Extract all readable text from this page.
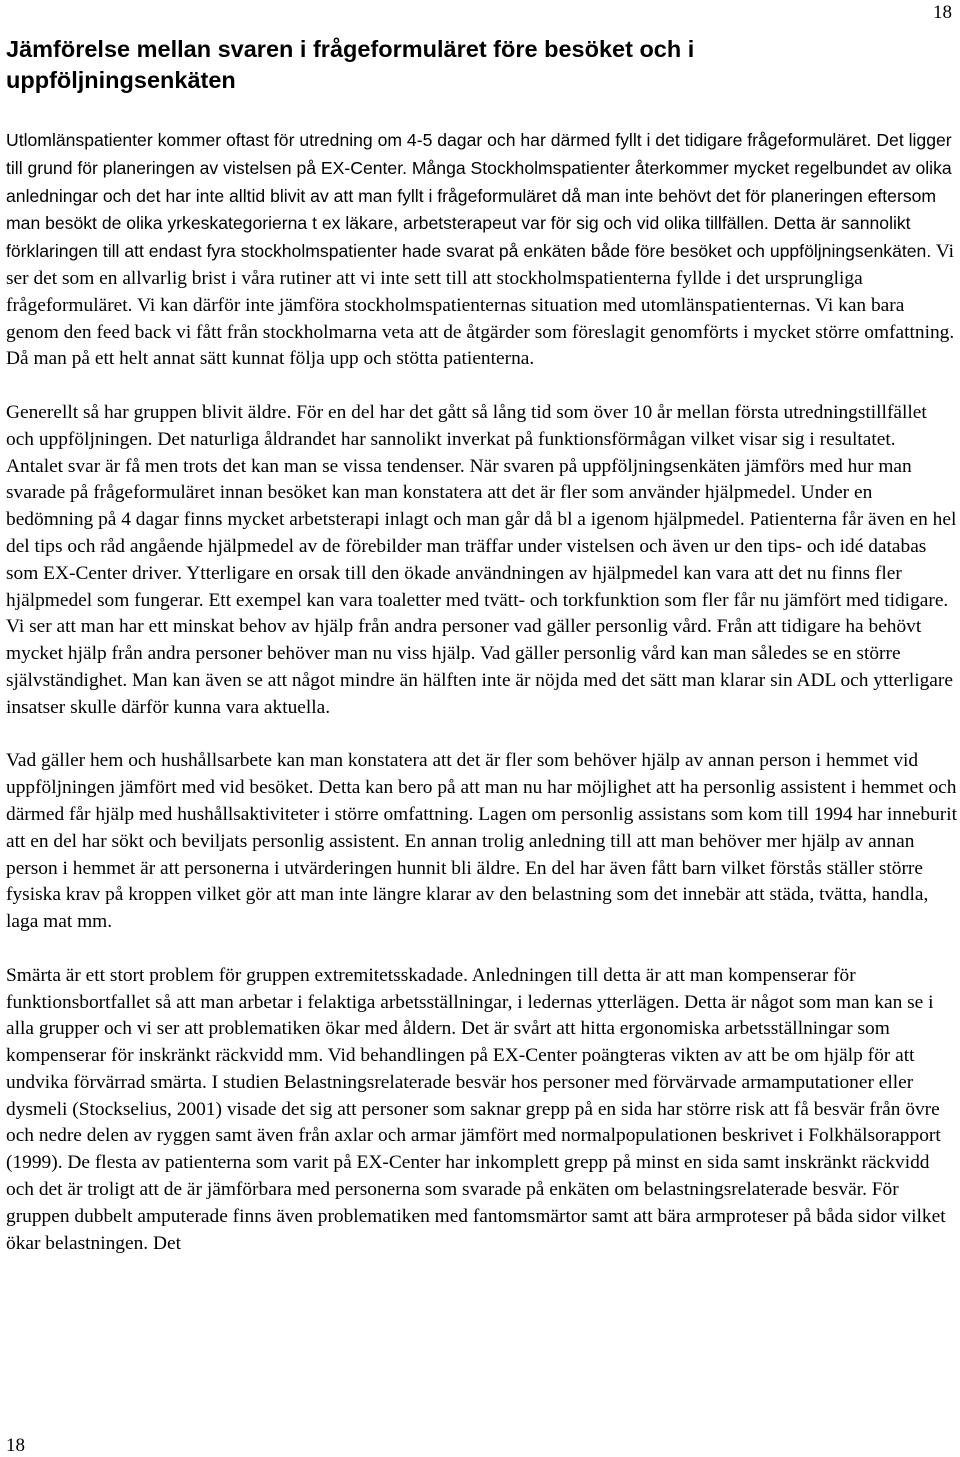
18
Jämförelse mellan svaren i frågeformuläret före besöket och i uppföljningsenkäten

Utlomlänspatienter kommer oftast för utredning om 4-5 dagar och har därmed fyllt i det tidigare frågeformuläret. Det ligger till grund för planeringen av vistelsen på EX-Center. Många Stockholmspatienter återkommer mycket regelbundet av olika anledningar och det har inte alltid blivit av att man fyllt i frågeformuläret då man inte behövt det för planeringen eftersom man besökt de olika yrkeskategorierna t ex läkare, arbetsterapeut var för sig och vid olika tillfällen. Detta är sannolikt förklaringen till att endast fyra stockholmspatienter hade svarat på enkäten både före besöket och uppföljningsenkäten. Vi ser det som en allvarlig brist i våra rutiner att vi inte sett till att stockholmspatienterna fyllde i det ursprungliga frågeformuläret. Vi kan därför inte jämföra stockholmspatienternas situation med utomlänspatienternas. Vi kan bara genom den feed back vi fått från stockholmarna veta att de åtgärder som föreslagit genomförts i mycket större omfattning. Då man på ett helt annat sätt kunnat följa upp och stötta patienterna.

Generellt så har gruppen blivit äldre. För en del har det gått så lång tid som över 10 år mellan första utredningstillfället och uppföljningen. Det naturliga åldrandet har sannolikt inverkat på funktionsförmågan vilket visar sig i resultatet.

Antalet svar är få men trots det kan man se vissa tendenser. När svaren på uppföljningsenkäten jämförs med hur man svarade på frågeformuläret innan besöket kan man konstatera att det är fler som använder hjälpmedel. Under en bedömning på 4 dagar finns mycket arbetsterapi inlagt och man går då bl a igenom hjälpmedel. Patienterna får även en hel del tips och råd angående hjälpmedel av de förebilder man träffar under vistelsen och även ur den tips- och idé databas som EX-Center driver. Ytterligare en orsak till den ökade användningen av hjälpmedel kan vara att det nu finns fler hjälpmedel som fungerar. Ett exempel kan vara toaletter med tvätt- och torkfunktion som fler får nu jämfört med tidigare. Vi ser att man har ett minskat behov av hjälp från andra personer vad gäller personlig vård. Från att tidigare ha behövt mycket hjälp från andra personer behöver man nu viss hjälp. Vad gäller personlig vård kan man således se en större självständighet. Man kan även se att något mindre än hälften inte är nöjda med det sätt man klarar sin ADL och ytterligare insatser skulle därför kunna vara aktuella.

Vad gäller hem och hushållsarbete kan man konstatera att det är fler som behöver hjälp av annan person i hemmet vid uppföljningen jämfört med vid besöket. Detta kan bero på att man nu har möjlighet att ha personlig assistent i hemmet och därmed får hjälp med hushållsaktiviteter i större omfattning. Lagen om personlig assistans som kom till 1994 har inneburit att en del har sökt och beviljats personlig assistent. En annan trolig anledning till att man behöver mer hjälp av annan person i hemmet är att personerna i utvärderingen hunnit bli äldre. En del har även fått barn vilket förstås ställer större fysiska krav på kroppen vilket gör att man inte längre klarar av den belastning som det innebär att städa, tvätta, handla, laga mat mm.

Smärta är ett stort problem för gruppen extremitetsskadade. Anledningen till detta är att man kompenserar för funktionsbortfallet så att man arbetar i felaktiga arbetsställningar, i ledernas ytterlägen. Detta är något som man kan se i alla grupper och vi ser att problematiken ökar med åldern. Det är svårt att hitta ergonomiska arbetsställningar som kompenserar för inskränkt räckvidd mm. Vid behandlingen på EX-Center poängteras vikten av att be om hjälp för att undvika förvärrad smärta. I studien Belastningsrelaterade besvär hos personer med förvärvade armamputationer eller dysmeli (Stockselius, 2001) visade det sig att personer som saknar grepp på en sida har större risk att få besvär från övre och nedre delen av ryggen samt även från axlar och armar jämfört med normalpopulationen beskrivet i Folkhälsorapport (1999). De flesta av patienterna som varit på EX-Center har inkomplett grepp på minst en sida samt inskränkt räckvidd och det är troligt att de är jämförbara med personerna som svarade på enkäten om belastningsrelaterade besvär. För gruppen dubbelt amputerade finns även problematiken med fantomsmärtor samt att bära armproteser på båda sidor vilket ökar belastningen. Det

18
